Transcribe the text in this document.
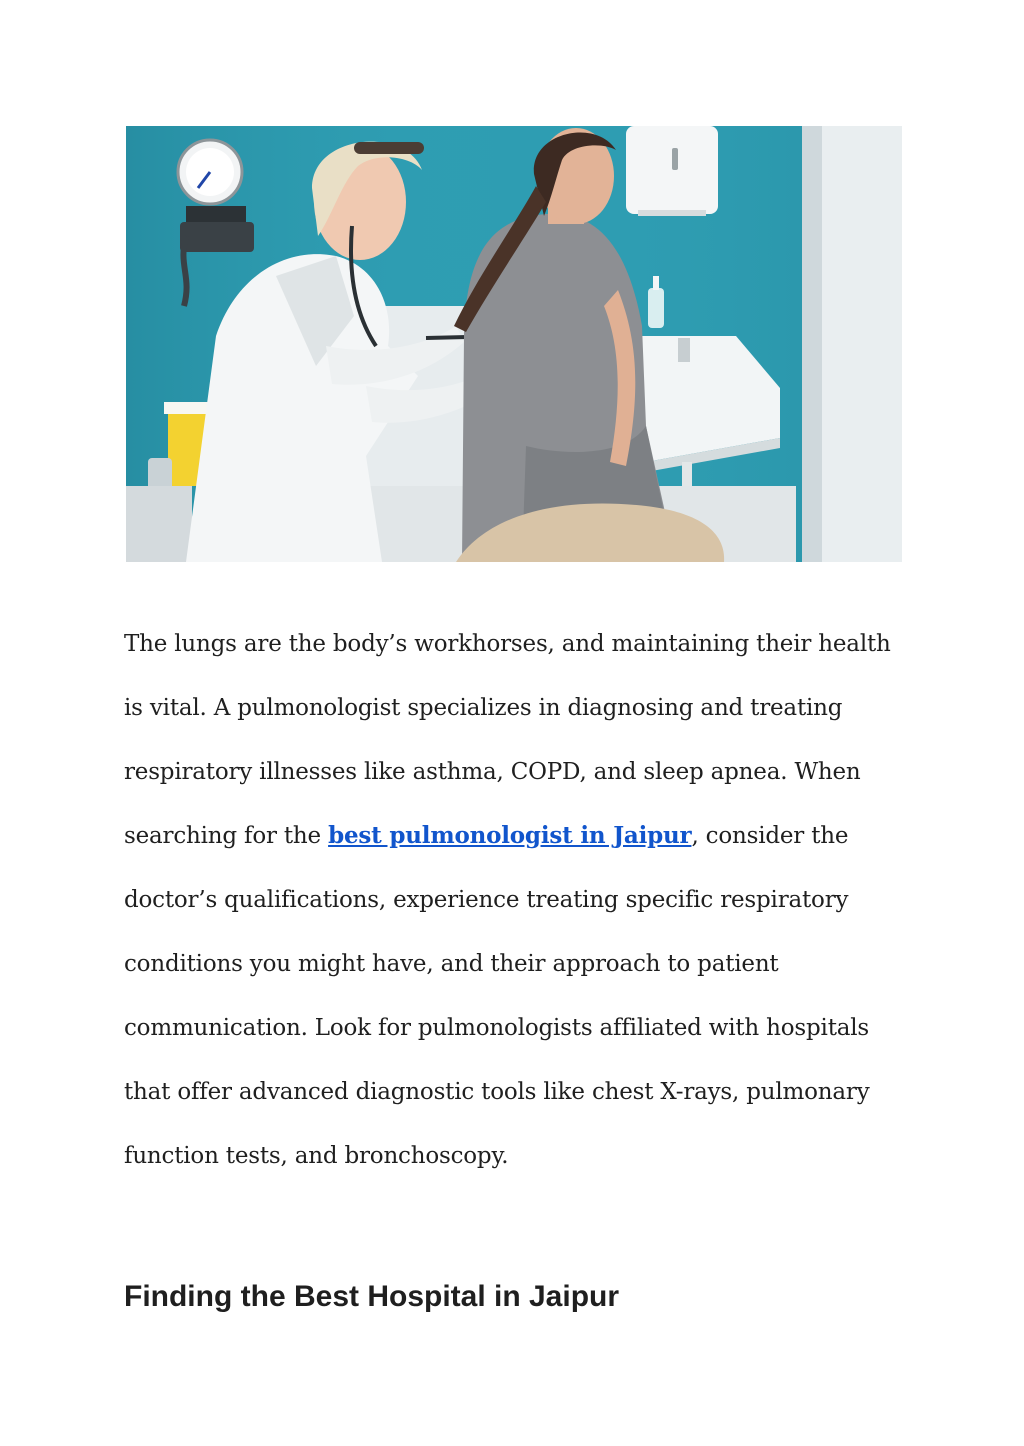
The lungs are the body’s workhorses, and maintaining their health is vital. A pulmonologist specializes in diagnosing and treating respiratory illnesses like asthma, COPD, and sleep apnea. When searching for the best pulmonologist in Jaipur, consider the doctor’s qualifications, experience treating specific respiratory conditions you might have, and their approach to patient communication. Look for pulmonologists affiliated with hospitals that offer advanced diagnostic tools like chest X-rays, pulmonary function tests, and bronchoscopy.

Finding the Best Hospital in Jaipur
